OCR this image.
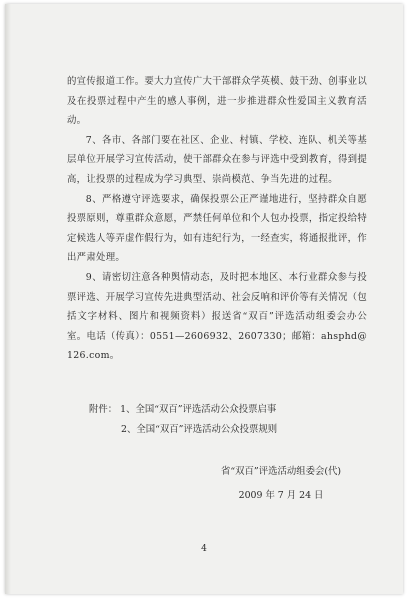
的宣传报道工作。要大力宣传广大干部群众学英模、鼓干劲、创事业以及在投票过程中产生的感人事例，进一步推进群众性爱国主义教育活动。

7、各市、各部门要在社区、企业、村镇、学校、连队、机关等基层单位开展学习宣传活动，使干部群众在参与评选中受到教育，得到提高，让投票的过程成为学习典型、崇尚模范、争当先进的过程。

8、严格遵守评选要求，确保投票公正严谨地进行，坚持群众自愿投票原则，尊重群众意愿，严禁任何单位和个人包办投票，指定投给特定候选人等弄虚作假行为，如有违纪行为，一经查实，将通报批评，作出严肃处理。

9、请密切注意各种舆情动态，及时把本地区、本行业群众参与投票评选、开展学习宣传先进典型活动、社会反响和评价等有关情况（包括文字材料、图片和视频资料）报送省“双百”评选活动组委会办公室。电话（传真）：0551—2606932、2607330；邮箱：ahsphd@126.com。

附件： 1、全国“双百”评选活动公众投票启事
2、全国“双百”评选活动公众投票规则
省“双百”评选活动组委会(代)
2009 年 7 月 24 日
4
